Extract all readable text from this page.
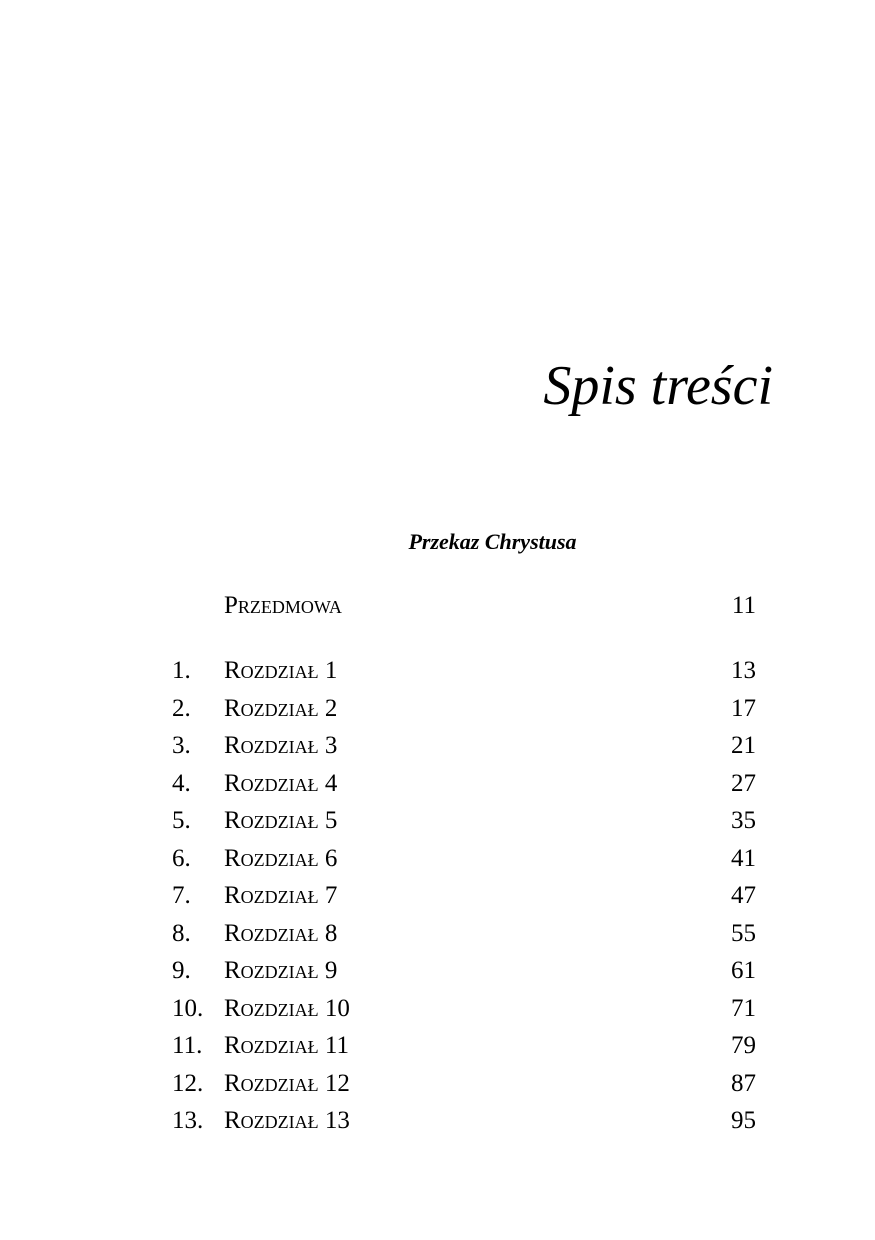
Spis treści
Przekaz Chrystusa
Przedmowa	11
1. Rozdział 1	13
2. Rozdział 2	17
3. Rozdział 3	21
4. Rozdział 4	27
5. Rozdział 5	35
6. Rozdział 6	41
7. Rozdział 7	47
8. Rozdział 8	55
9. Rozdział 9	61
10. Rozdział 10	71
11. Rozdział 11	79
12. Rozdział 12	87
13. Rozdział 13	95
